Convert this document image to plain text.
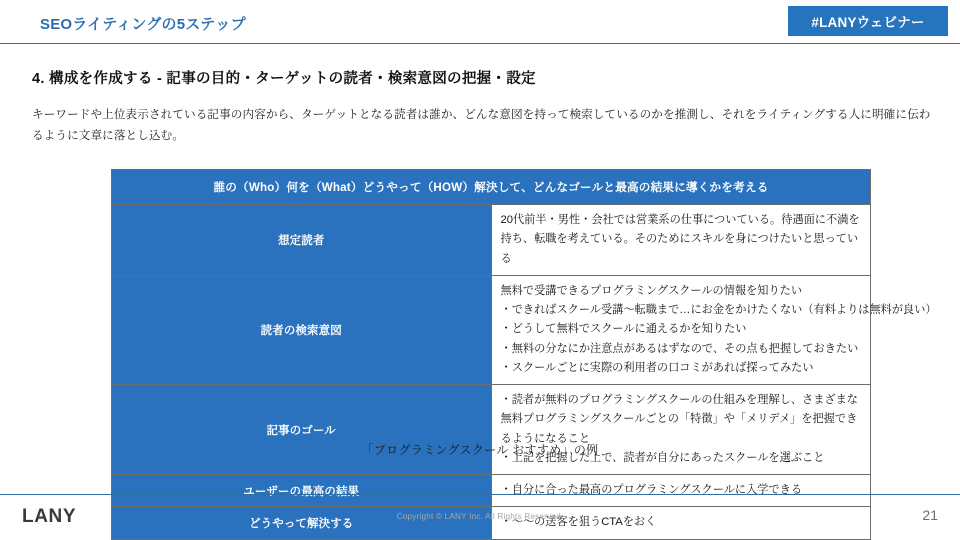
SEOライティングの5ステップ	#LANYウェビナー
4. 構成を作成する - 記事の目的・ターゲットの読者・検索意図の把握・設定
キーワードや上位表示されている記事の内容から、ターゲットとなる読者は誰か、どんな意図を持って検索しているのかを推測し、それをライティングする人に明確に伝わるように文章に落とし込む。
誰の（Who）何を（What）どうやって（HOW）解決して、どんなゴールと最高の結果に導くかを考える	
想定読者	20代前半・男性・会社では営業系の仕事についている。待遇面に不満を持ち、転職を考えている。そのためにスキルを身につけたいと思っている

読者の検索意図	無料で受講できるプログラミングスクールの情報を知りたい
・できればスクール受講〜転職まで…にお金をかけたくない（有料よりは無料が良い）
・どうして無料でスクールに通えるかを知りたい
・無料の分なにか注意点があるはずなので、その点も把握しておきたい
・スクールごとに実際の利用者の口コミがあれば探ってみたい

記事のゴール	・読者が無料のプログラミングスクールの仕組みを理解し、さまざまな無料プログラミングスクールごとの「特徴」や「メリデメ」を把握できるようになること
・上記を把握した上で、読者が自分にあったスクールを選ぶこと

ユーザーの最高の結果	・自分に合った最高のプログラミングスクールに入学できる

どうやって解決する	・〜〜の送客を狙うCTAをおく
「プログラミングスクール おすすめ」の例
LANY	Copyright © LANY Inc. All Rights Reserved.	21
